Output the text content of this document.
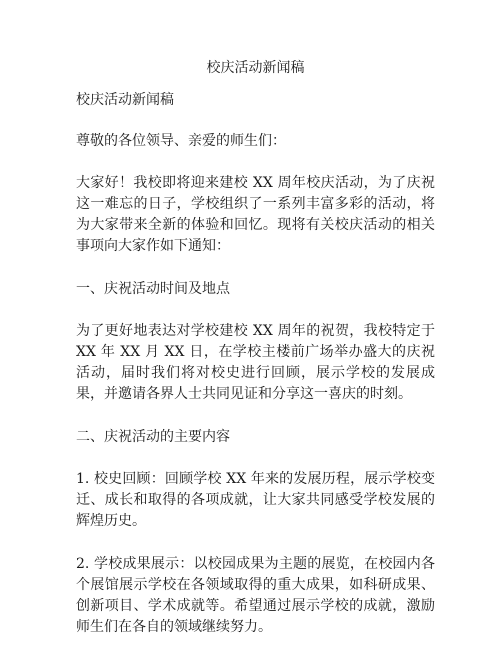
校庆活动新闻稿

校庆活动新闻稿

尊敬的各位领导、亲爱的师生们：

大家好！我校即将迎来建校 XX 周年校庆活动，为了庆祝这一难忘的日子，学校组织了一系列丰富多彩的活动，将为大家带来全新的体验和回忆。现将有关校庆活动的相关事项向大家作如下通知：

一、庆祝活动时间及地点

为了更好地表达对学校建校 XX 周年的祝贺，我校特定于 XX 年 XX 月 XX 日，在学校主楼前广场举办盛大的庆祝活动，届时我们将对校史进行回顾，展示学校的发展成果，并邀请各界人士共同见证和分享这一喜庆的时刻。

二、庆祝活动的主要内容

1. 校史回顾：回顾学校 XX 年来的发展历程，展示学校变迁、成长和取得的各项成就，让大家共同感受学校发展的辉煌历史。

2. 学校成果展示：以校园成果为主题的展览，在校园内各个展馆展示学校在各领域取得的重大成果，如科研成果、创新项目、学术成就等。希望通过展示学校的成就，激励师生们在各自的领域继续努力。
